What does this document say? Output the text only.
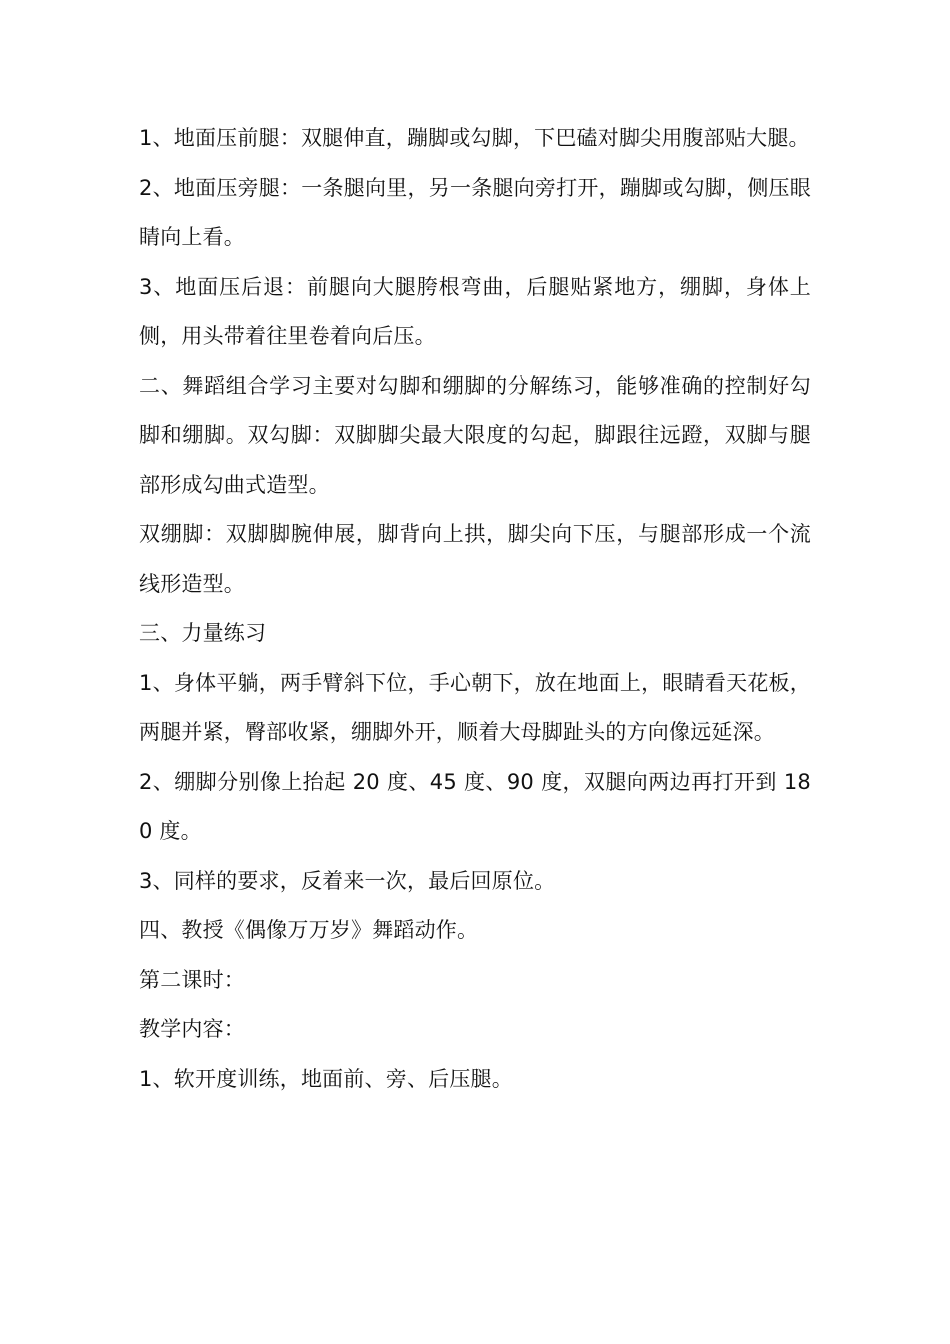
1、地面压前腿：双腿伸直，蹦脚或勾脚，下巴磕对脚尖用腹部贴大腿。

2、地面压旁腿：一条腿向里，另一条腿向旁打开，蹦脚或勾脚，侧压眼睛向上看。

3、地面压后退：前腿向大腿胯根弯曲，后腿贴紧地方，绷脚，身体上侧，用头带着往里卷着向后压。

二、舞蹈组合学习主要对勾脚和绷脚的分解练习，能够准确的控制好勾脚和绷脚。双勾脚：双脚脚尖最大限度的勾起，脚跟往远蹬，双脚与腿部形成勾曲式造型。

双绷脚：双脚脚腕伸展，脚背向上拱，脚尖向下压，与腿部形成一个流线形造型。

三、力量练习

1、身体平躺，两手臂斜下位，手心朝下，放在地面上，眼睛看天花板，两腿并紧，臀部收紧，绷脚外开，顺着大母脚趾头的方向像远延深。

2、绷脚分别像上抬起 20 度、45 度、90 度，双腿向两边再打开到 180 度。

3、同样的要求，反着来一次，最后回原位。

四、教授《偶像万万岁》舞蹈动作。

第二课时：

教学内容：

1、软开度训练，地面前、旁、后压腿。
